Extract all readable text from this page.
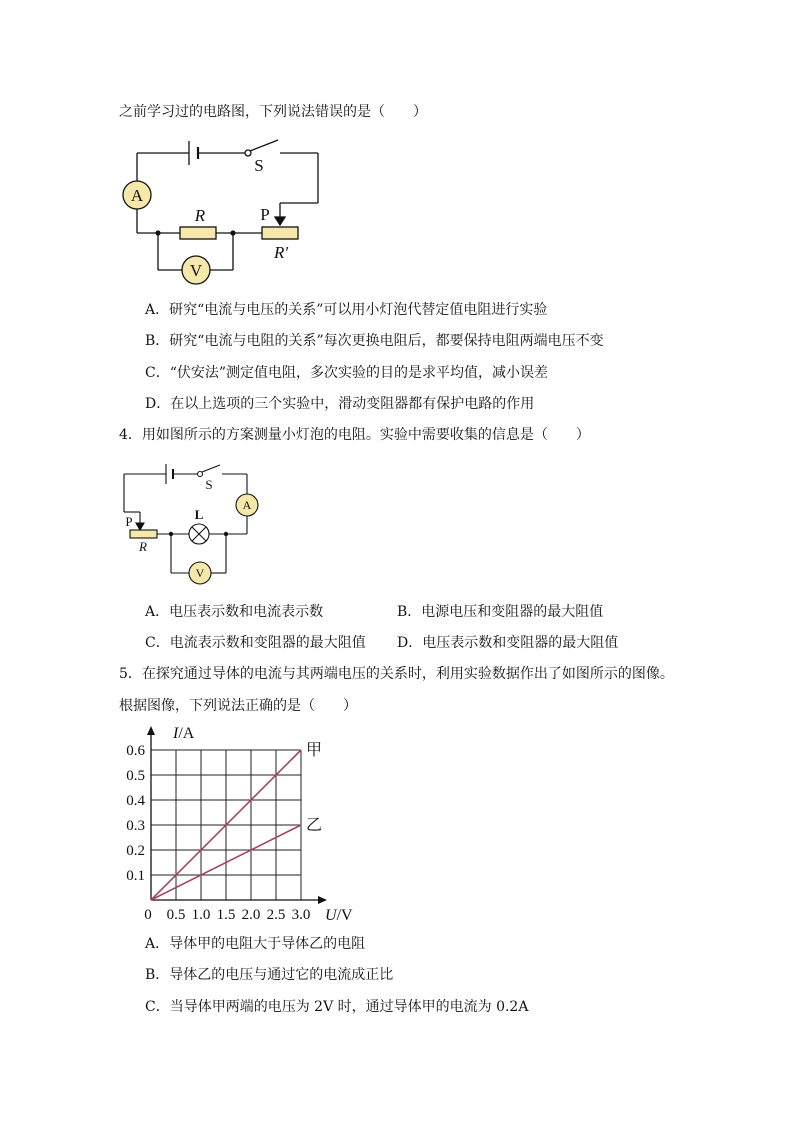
之前学习过的电路图，下列说法错误的是（　　）
A
V
R
R′
P
S
A．研究“电流与电压的关系”可以用小灯泡代替定值电阻进行实验
B．研究“电流与电阻的关系”每次更换电阻后，都要保持电阻两端电压不变
C．“伏安法”测定值电阻，多次实验的目的是求平均值，减小误差
D．在以上选项的三个实验中，滑动变阻器都有保护电路的作用
4．用如图所示的方案测量小灯泡的电阻。实验中需要收集的信息是（　　）
A
V
S
P	L
R
A．电压表示数和电流表示数	B．电源电压和变阻器的最大阻值
C．电流表示数和变阻器的最大阻值 D．电压表示数和变阻器的最大阻值
5．在探究通过导体的电流与其两端电压的关系时，利用实验数据作出了如图所示的图像。
根据图像，下列说法正确的是（　　）
甲
乙
0.1
0.2
0.3
0.4
0.5
0.6
0.5 1.0 1.5 2.0 2.5 3.0
0
I/A
U/V
A．导体甲的电阻大于导体乙的电阻
B．导体乙的电压与通过它的电流成正比
C．当导体甲两端的电压为 2V 时，通过导体甲的电流为 0.2A
